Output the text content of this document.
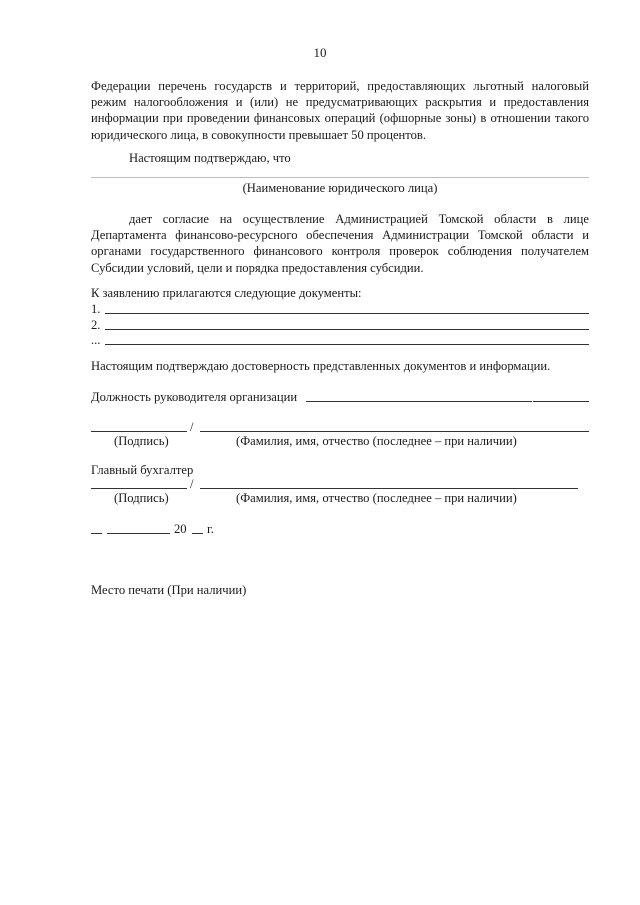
10
Федерации перечень государств и территорий, предоставляющих льготный налоговый режим налогообложения и (или) не предусматривающих раскрытия и предоставления информации при проведении финансовых операций (офшорные зоны) в отношении такого юридического лица, в совокупности превышает 50 процентов.
Настоящим подтверждаю, что
(Наименование юридического лица)
дает согласие на осуществление Администрацией Томской области в лице Департамента финансово-ресурсного обеспечения Администрации Томской области и органами государственного финансового контроля проверок соблюдения получателем Субсидии условий, цели и порядка предоставления субсидии.
К заявлению прилагаются следующие документы:
1.
2.
...
Настоящим подтверждаю достоверность представленных документов и информации.
Должность руководителя организации
/
(Подпись)	(Фамилия, имя, отчество (последнее – при наличии)
Главный бухгалтер
/
(Подпись)	(Фамилия, имя, отчество (последнее – при наличии)
20 г.
Место печати (При наличии)
